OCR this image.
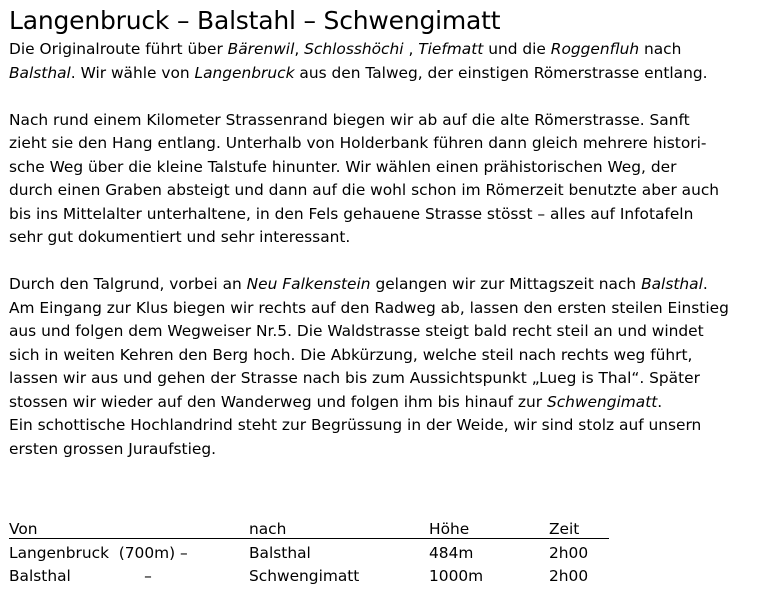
Langenbruck – Balstahl – Schwengimatt

Die Originalroute führt über Bärenwil, Schlosshöchi , Tiefmatt und die Roggenfluh nach
Balsthal. Wir wähle von Langenbruck aus den Talweg, der einstigen Römerstrasse entlang.

Nach rund einem Kilometer Strassenrand biegen wir ab auf die alte Römerstrasse. Sanft
zieht sie den Hang entlang. Unterhalb von Holderbank führen dann gleich mehrere histori-
sche Weg über die kleine Talstufe hinunter. Wir wählen einen prähistorischen Weg, der
durch einen Graben absteigt und dann auf die wohl schon im Römerzeit benutzte aber auch
bis ins Mittelalter unterhaltene, in den Fels gehauene Strasse stösst – alles auf Infotafeln
sehr gut dokumentiert und sehr interessant.

Durch den Talgrund, vorbei an Neu Falkenstein gelangen wir zur Mittagszeit nach Balsthal.
Am Eingang zur Klus biegen wir rechts auf den Radweg ab, lassen den ersten steilen Einstieg
aus und folgen dem Wegweiser Nr.5. Die Waldstrasse steigt bald recht steil an und windet
sich in weiten Kehren den Berg hoch. Die Abkürzung, welche steil nach rechts weg führt,
lassen wir aus und gehen der Strasse nach bis zum Aussichtspunkt „Lueg is Thal“. Später
stossen wir wieder auf den Wanderweg und folgen ihm bis hinauf zur Schwengimatt.
Ein schottische Hochlandrind steht zur Begrüssung in der Weide, wir sind stolz auf unsern
ersten grossen Juraufstieg.

Von	nach	Höhe	Zeit
Langenbruck  (700m) –	Balsthal	484m	2h00
Balsthal               –	Schwengimatt	1000m	2h00
